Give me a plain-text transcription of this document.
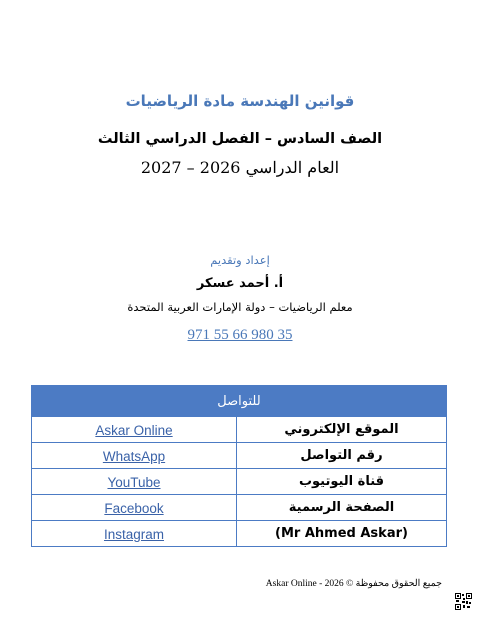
قوانين الهندسة مادة الرياضيات
الصف السادس – الفصل الدراسي الثالث
العام الدراسي 2026 – 2027
إعداد وتقديم
أ. أحمد عسكر
معلم الرياضيات – دولة الإمارات العربية المتحدة
971 55 66 980 35
للتواصل	
Askar Online	الموقع الإلكتروني
WhatsApp	رقم التواصل
YouTube	قناة اليوتيوب
Facebook	الصفحة الرسمية
Instagram	(Mr Ahmed Askar)
جميع الحقوق محفوظة © 2026 - Askar Online
